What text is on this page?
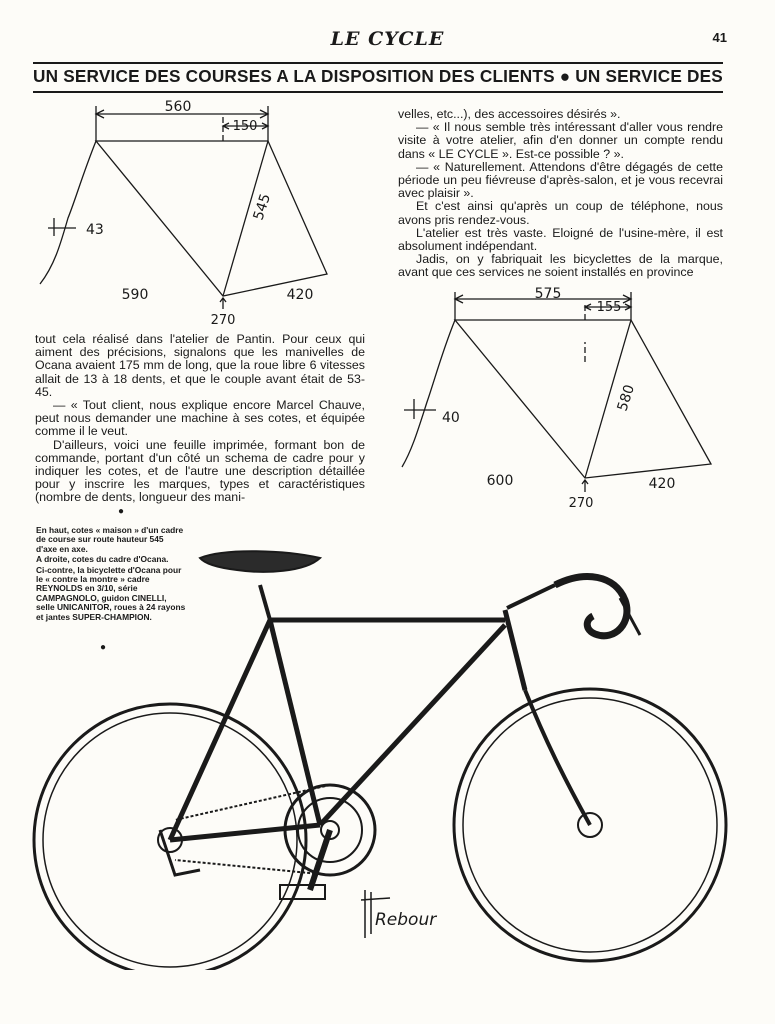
LE CYCLE	41
UN SERVICE DES COURSES A LA DISPOSITION DES CLIENTS ● UN SERVICE DES
560
150
43
545
590	420
270

velles, etc...), des accessoires désirés ».

— « Il nous semble très intéressant d'aller vous rendre visite à votre atelier, afin d'en donner un compte rendu dans « LE CYCLE ». Est-ce possible ? ».

— « Naturellement. Attendons d'être dégagés de cette période un peu fiévreuse d'après-salon, et je vous recevrai avec plaisir ».

Et c'est ainsi qu'après un coup de téléphone, nous avons pris rendez-vous.

L'atelier est très vaste. Eloigné de l'usine-mère, il est absolument indépendant.

Jadis, on y fabriquait les bicyclettes de la marque, avant que ces services ne soient installés en province

575
155
40
580
600	420
270

tout cela réalisé dans l'atelier de Pantin. Pour ceux qui aiment des précisions, signalons que les manivelles de Ocana avaient 175 mm de long, que la roue libre 6 vitesses allait de 13 à 18 dents, et que le couple avant était de 53-45.

— « Tout client, nous explique encore Marcel Chauve, peut nous demander une machine à ses cotes, et équipée comme il le veut.

D'ailleurs, voici une feuille imprimée, formant bon de commande, portant d'un côté un schema de cadre pour y indiquer les cotes, et de l'autre une description détaillée pour y inscrire les marques, types et caractéristiques (nombre de dents, longueur des mani-

●

En haut, cotes « maison » d'un cadre de course sur route hauteur 545 d'axe en axe.

A droite, cotes du cadre d'Ocana.

Ci-contre, la bicyclette d'Ocana pour le « contre la montre » cadre REYNOLDS en 3/10, série CAMPAGNOLO, guidon CINELLI, selle UNICANITOR, roues à 24 rayons et jantes SUPER-CHAMPION.

●
Rebour
